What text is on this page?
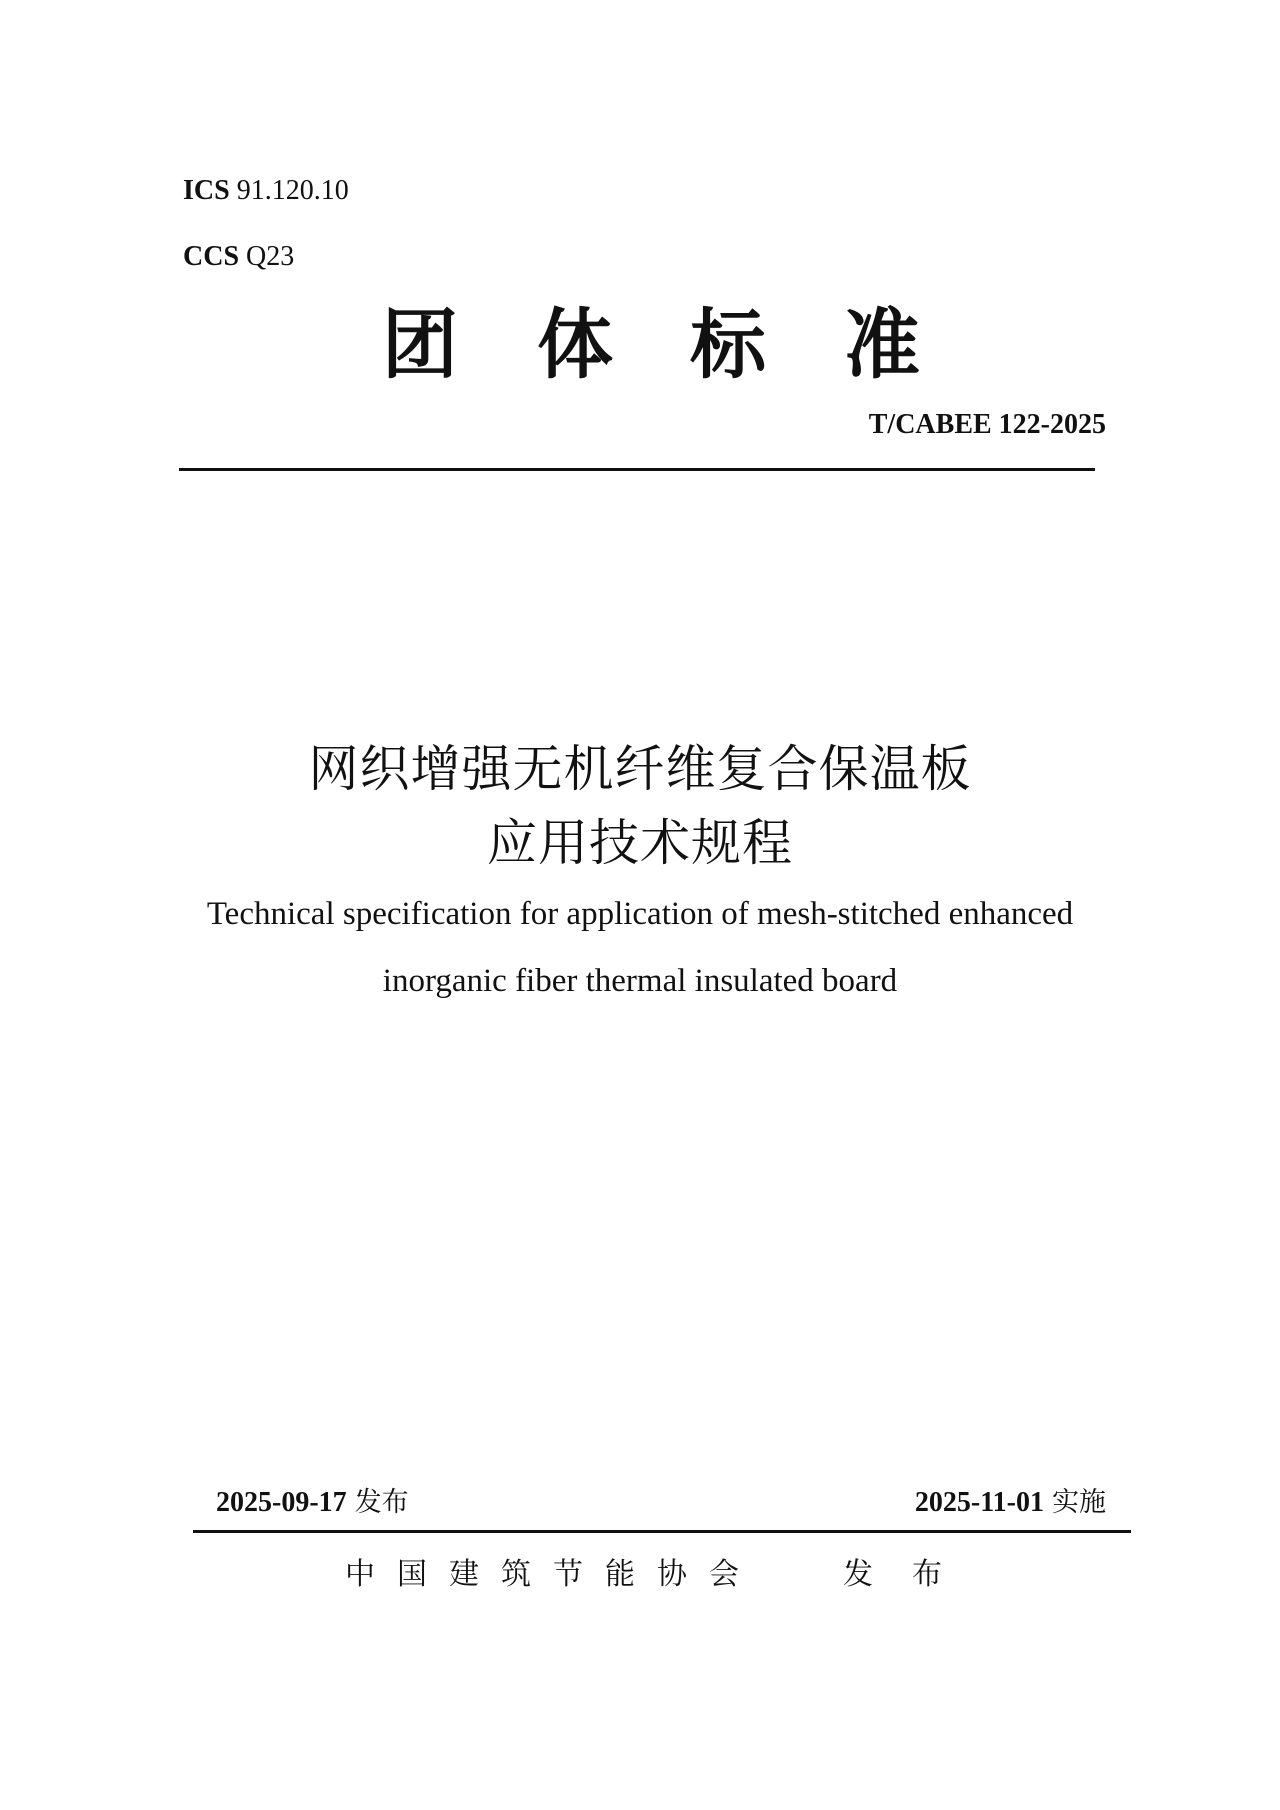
ICS 91.120.10
CCS Q23
团 体 标 准
T/CABEE 122-2025
网织增强无机纤维复合保温板
应用技术规程
Technical specification for application of mesh-stitched enhanced
inorganic fiber thermal insulated board
2025-09-17 发布	2025-11-01 实施
中 国 建 筑 节 能 协 会	发 布
